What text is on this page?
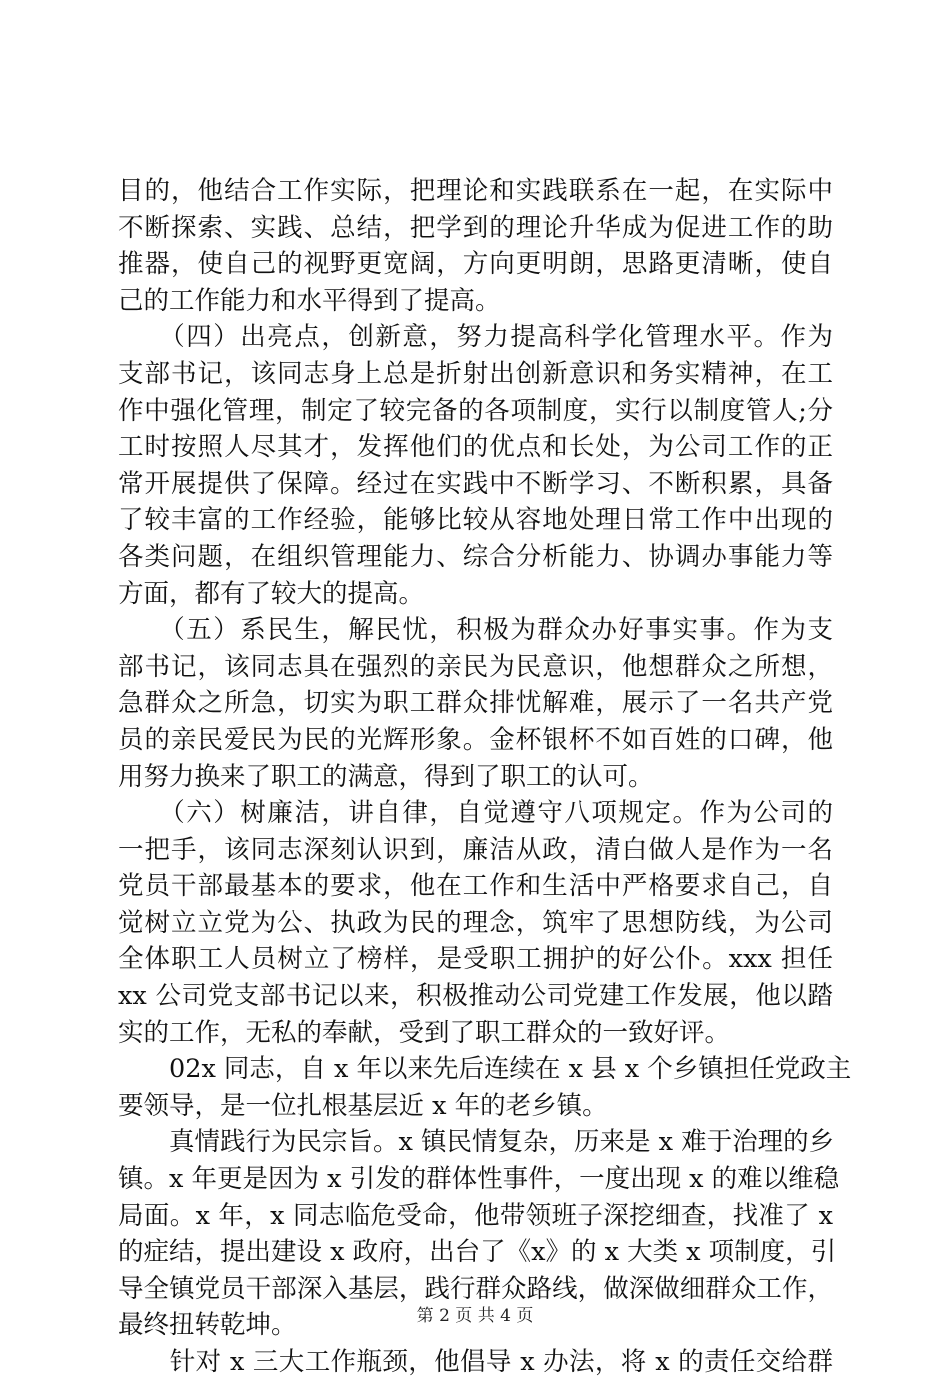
目的，他结合工作实际，把理论和实践联系在一起，在实际中
不断探索、实践、总结，把学到的理论升华成为促进工作的助
推器，使自己的视野更宽阔，方向更明朗，思路更清晰，使自
己的工作能力和水平得到了提高。
　　（四）出亮点，创新意，努力提高科学化管理水平。作为
支部书记，该同志身上总是折射出创新意识和务实精神，在工
作中强化管理，制定了较完备的各项制度，实行以制度管人;分
工时按照人尽其才，发挥他们的优点和长处，为公司工作的正
常开展提供了保障。经过在实践中不断学习、不断积累，具备
了较丰富的工作经验，能够比较从容地处理日常工作中出现的
各类问题，在组织管理能力、综合分析能力、协调办事能力等
方面，都有了较大的提高。
　　（五）系民生，解民忧，积极为群众办好事实事。作为支
部书记，该同志具在强烈的亲民为民意识，他想群众之所想，
急群众之所急，切实为职工群众排忧解难，展示了一名共产党
员的亲民爱民为民的光辉形象。金杯银杯不如百姓的口碑，他
用努力换来了职工的满意，得到了职工的认可。
　　（六）树廉洁，讲自律，自觉遵守八项规定。作为公司的
一把手，该同志深刻认识到，廉洁从政，清白做人是作为一名
党员干部最基本的要求，他在工作和生活中严格要求自己，自
觉树立立党为公、执政为民的理念，筑牢了思想防线，为公司
全体职工人员树立了榜样，是受职工拥护的好公仆。xxx 担任
xx 公司党支部书记以来，积极推动公司党建工作发展，他以踏
实的工作，无私的奉献，受到了职工群众的一致好评。
　　02x 同志，自 x 年以来先后连续在 x 县 x 个乡镇担任党政主
要领导，是一位扎根基层近 x 年的老乡镇。
　　真情践行为民宗旨。x 镇民情复杂，历来是 x 难于治理的乡
镇。x 年更是因为 x 引发的群体性事件，一度出现 x 的难以维稳
局面。x 年，x 同志临危受命，他带领班子深挖细查，找准了 x
的症结，提出建设 x 政府，出台了《x》的 x 大类 x 项制度，引
导全镇党员干部深入基层，践行群众路线，做深做细群众工作，
最终扭转乾坤。
　　针对 x 三大工作瓶颈，他倡导 x 办法，将 x 的责任交给群
第 2 页 共 4 页
